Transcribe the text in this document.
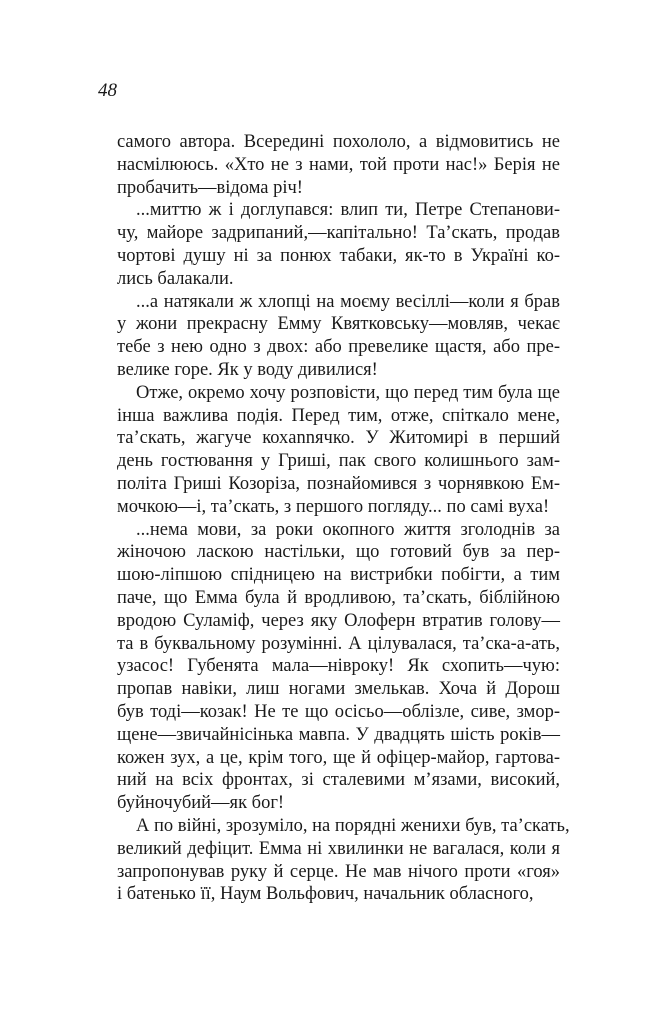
48
самого автора. Всередині похололо, а відмовитись не
насмілююсь. «Хто не з нами, той проти нас!» Берія не
пробачить—відома річ!
...миттю ж і доглупався: влип ти, Петре Степанови-
чу, майоре задрипаний,—капітально! Та’скать, продав
чортові душу ні за понюх табаки, як-то в Україні ко-
лись балакали.
...а натякали ж хлопці на моєму весіллі—коли я брав
у жони прекрасну Емму Квятковську—мовляв, чекає
тебе з нею одно з двох: або превелике щастя, або пре-
велике горе. Як у воду дивилися!
Отже, окремо хочу розповісти, що перед тим була ще
інша важлива подія. Перед тим, отже, спіткало мене,
та’скать, жагуче кохannячко. У Житомирі в перший
день гостювання у Гриші, пак свого колишнього зам-
політа Гриші Козоріза, познайомився з чорнявкою Ем-
мочкою—і, та’скать, з першого погляду... по самі вуха!
...нема мови, за роки окопного життя зголоднів за
жіночою ласкою настільки, що готовий був за пер-
шою-ліпшою спідницею на вистрибки побігти, а тим
паче, що Емма була й вродливою, та’скать, біблійною
вродою Суламіф, через яку Олоферн втратив голову—
та в буквальному розумінні. А цілувалася, та’ска-а-ать,
узасос! Губенята мала—нівроку! Як схопить—чую:
пропав навіки, лиш ногами змелькав. Хоча й Дорош
був тоді—козак! Не те що осісьо—облізле, сиве, змор-
щене—звичайнісінька мавпа. У двадцять шість років—
кожен зух, а це, крім того, ще й офіцер-майор, гартова-
ний на всіх фронтах, зі сталевими м’язами, високий,
буйночубий—як бог!
А по війні, зрозуміло, на порядні женихи був, та’скать,
великий дефіцит. Емма ні хвилинки не вагалася, коли я
запропонував руку й серце. Не мав нічого проти «гоя»
і батенько її, Наум Вольфович, начальник обласного,
